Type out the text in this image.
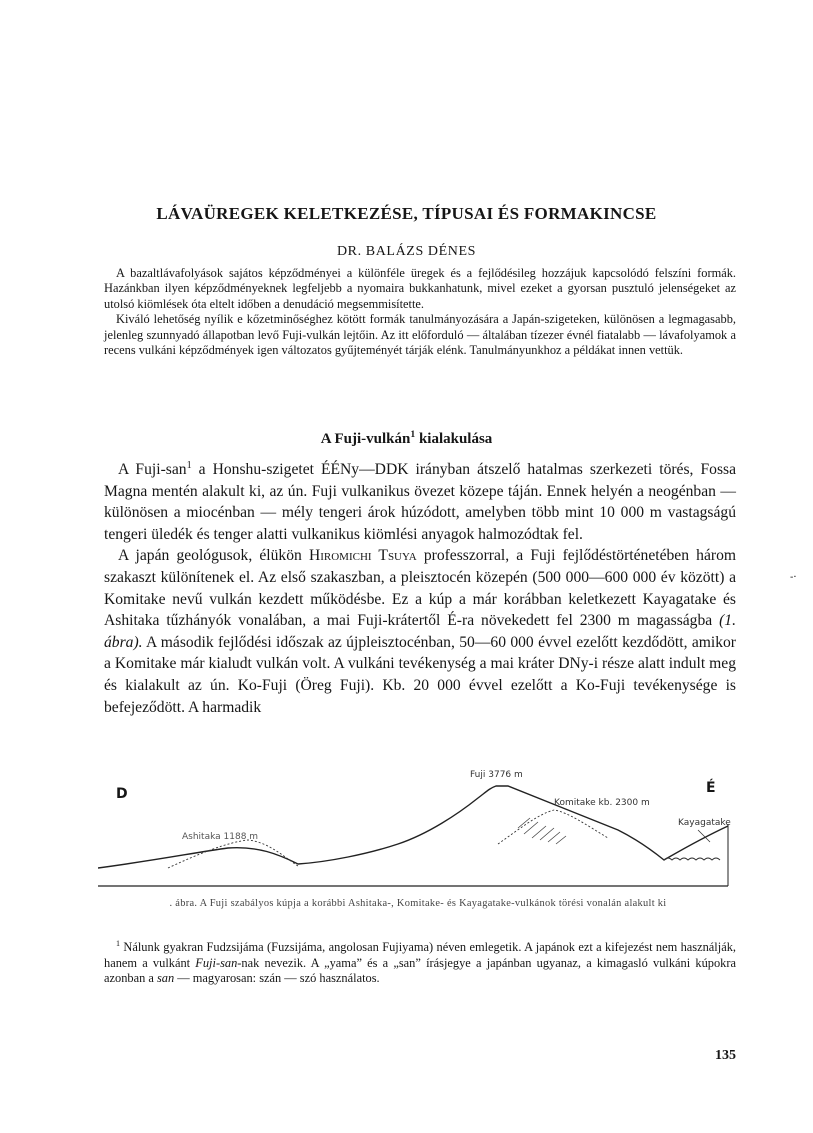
LÁVAÜREGEK KELETKEZÉSE, TÍPUSAI ÉS FORMAKINCSE
DR. BALÁZS DÉNES

A bazaltlávafolyások sajátos képződményei a különféle üregek és a fejlődésileg hozzájuk kapcsolódó felszíni formák. Hazánkban ilyen képződményeknek legfeljebb a nyomaira bukkanhatunk, mivel ezeket a gyorsan pusztuló jelenségeket az utolsó kiömlések óta eltelt időben a denudáció megsemmisítette.

Kiváló lehetőség nyílik e kőzetminőséghez kötött formák tanulmányozására a Japán-szigeteken, különösen a legmagasabb, jelenleg szunnyadó állapotban levő Fuji-vulkán lejtőin. Az itt előforduló — általában tízezer évnél fiatalabb — lávafolyamok a recens vulkáni képződmények igen változatos gyűjteményét tárják elénk. Tanulmányunkhoz a példákat innen vettük.

A Fuji-vulkán$^1$ kialakulása

A Fuji-san$^1$ a Honshu-szigetet ÉÉNy—DDK irányban átszelő hatalmas szerkezeti törés, Fossa Magna mentén alakult ki, az ún. Fuji vulkanikus övezet közepe táján. Ennek helyén a neogénban — különösen a miocénban — mély tengeri árok húzódott, amelyben több mint 10 000 m vastagságú tengeri üledék és tenger alatti vulkanikus kiömlési anyagok halmozódtak fel.

A japán geológusok, élükön Hiromichi Tsuya professzorral, a Fuji fejlődéstörténetében három szakaszt különítenek el. Az első szakaszban, a pleisztocén közepén (500 000—600 000 év között) a Komitake nevű vulkán kezdett működésbe. Ez a kúp a már korábban keletkezett Kayagatake és Ashitaka tűzhányók vonalában, a mai Fuji-krátertől É-ra növekedett fel 2300 m magasságba (1. ábra). A második fejlődési időszak az újpleisztocénban, 50—60 000 évvel ezelőtt kezdődött, amikor a Komitake már kialudt vulkán volt. A vulkáni tevékenység a mai kráter DNy-i része alatt indult meg és kialakult az ún. Ko-Fuji (Öreg Fuji). Kb. 20 000 évvel ezelőtt a Ko-Fuji tevékenysége is befejeződött. A harmadik

-·
D	É
Fuji 3776 m
Komitake kb. 2300 m
Kayagatake
Ashitaka 1188 m
. ábra. A Fuji szabályos kúpja a korábbi Ashitaka-, Komitake- és Kayagatake-vulkánok törési vonalán alakult ki

$^1$ Nálunk gyakran Fudzsijáma (Fuzsijáma, angolosan Fujiyama) néven emlegetik. A japánok ezt a kifejezést nem használják, hanem a vulkánt Fuji-san-nak nevezik. A „yama” és a „san” írásjegye a japánban ugyanaz, a kimagasló vulkáni kúpokra azonban a san — magyarosan: szán — szó használatos.

135
